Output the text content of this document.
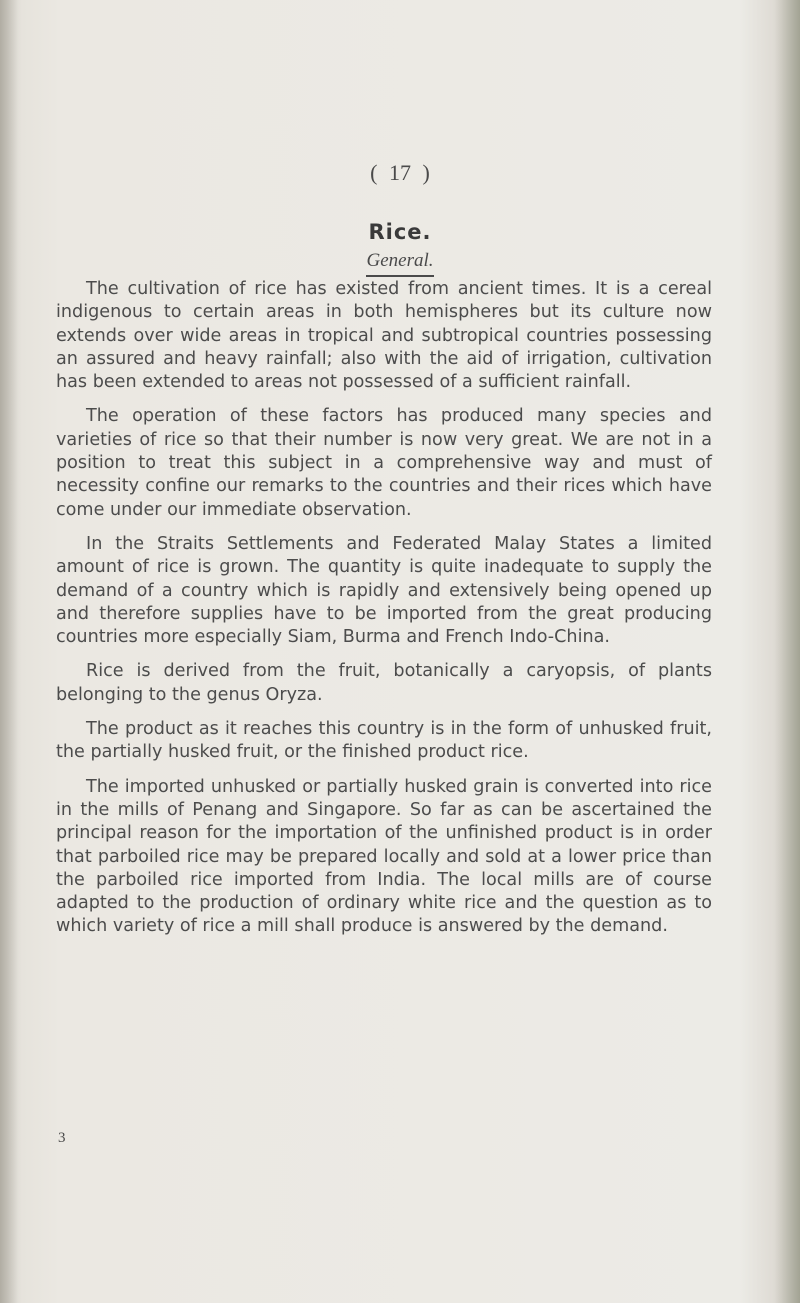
( 17 )
Rice.
General.

The cultivation of rice has existed from ancient times. It is a cereal indigenous to certain areas in both hemispheres but its culture now extends over wide areas in tropical and subtropical countries possessing an assured and heavy rainfall; also with the aid of irrigation, cultivation has been extended to areas not possessed of a sufficient rainfall.

The operation of these factors has produced many species and varieties of rice so that their number is now very great. We are not in a position to treat this subject in a comprehensive way and must of necessity confine our remarks to the countries and their rices which have come under our immediate observation.

In the Straits Settlements and Federated Malay States a limited amount of rice is grown. The quantity is quite inadequate to supply the demand of a country which is rapidly and extensively being opened up and therefore supplies have to be imported from the great producing countries more especially Siam, Burma and French Indo-China.

Rice is derived from the fruit, botanically a caryopsis, of plants belonging to the genus Oryza.

The product as it reaches this country is in the form of unhusked fruit, the partially husked fruit, or the finished product rice.

The imported unhusked or partially husked grain is converted into rice in the mills of Penang and Singapore. So far as can be ascertained the principal reason for the importation of the unfinished product is in order that parboiled rice may be prepared locally and sold at a lower price than the parboiled rice imported from India. The local mills are of course adapted to the production of ordinary white rice and the question as to which variety of rice a mill shall produce is answered by the demand.

3
